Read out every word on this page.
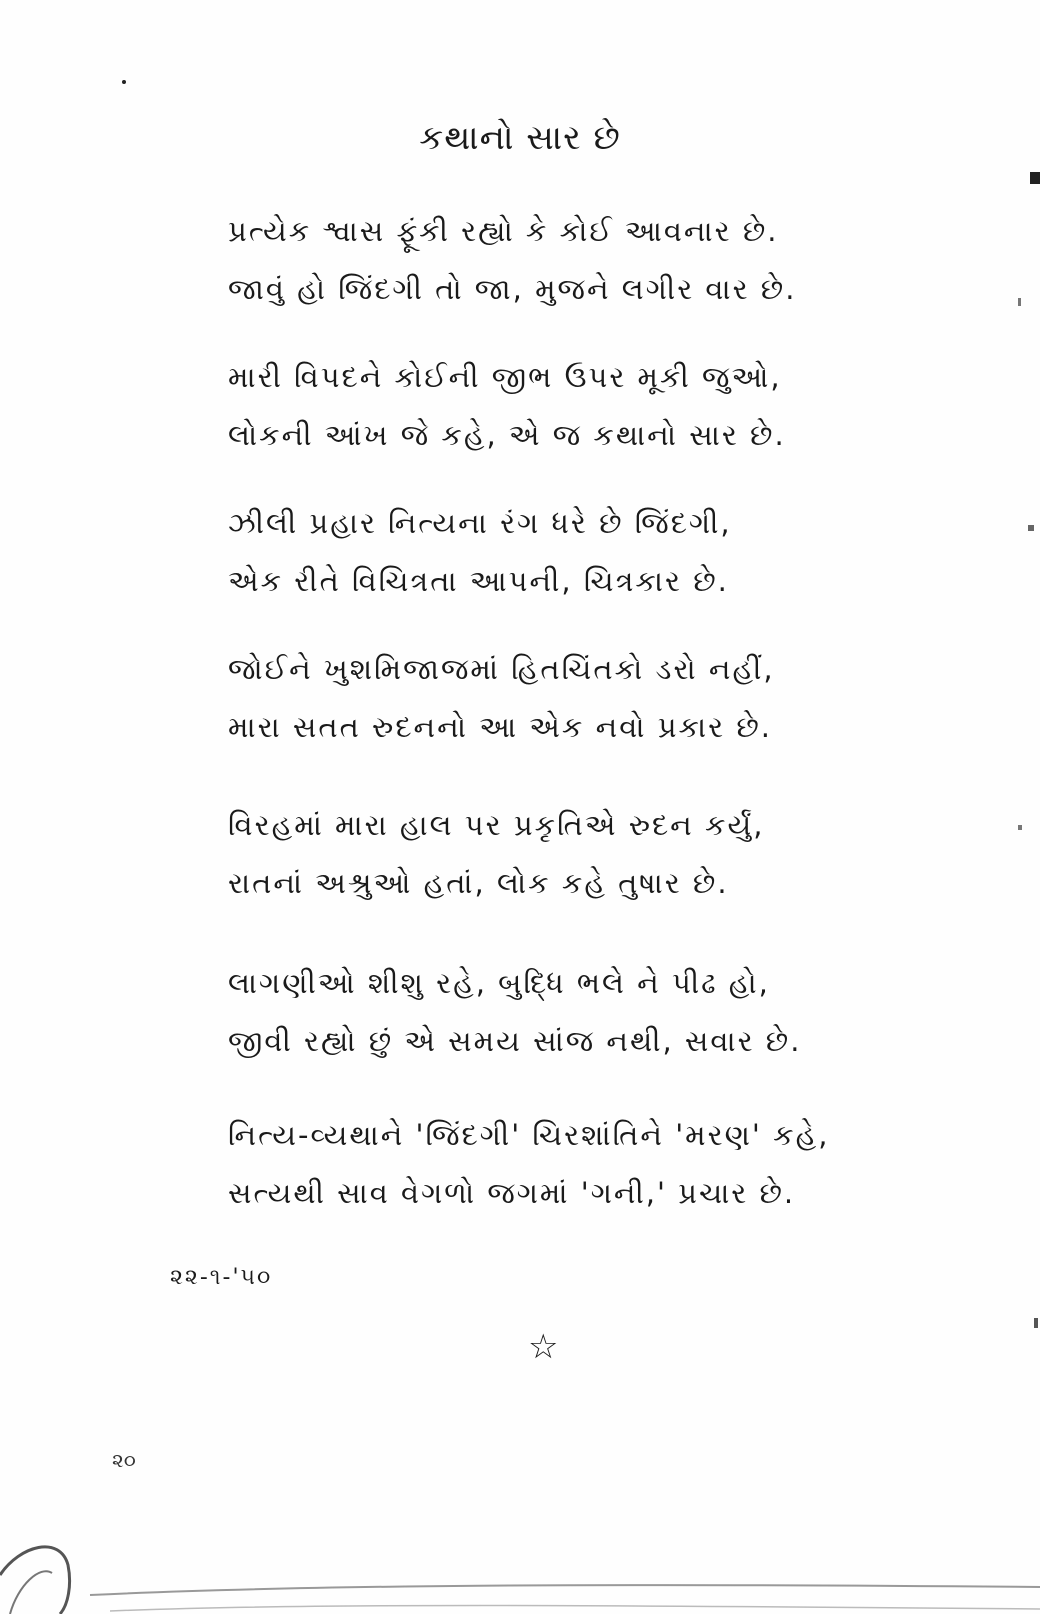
કથાનો સાર છે
પ્રત્યેક શ્વાસ ફૂંકી રહ્યો કે કોઈ આવનાર છે.
જાવું હો જિંદગી તો જા, મુજને લગીર વાર છે.
મારી વિપદને કોઈની જીભ ઉપર મૂકી જુઓ,
લોકની આંખ જે કહે, એ જ કથાનો સાર છે.
ઝીલી પ્રહાર નિત્યના રંગ ધરે છે જિંદગી,
એક રીતે વિચિત્રતા આપની, ચિત્રકાર છે.
જોઈને ખુશમિજાજમાં હિતચિંતકો ડરો નહીં,
મારા સતત રુદનનો આ એક નવો પ્રકાર છે.
વિરહમાં મારા હાલ પર પ્રકૃતિએ રુદન કર્યું,
રાતનાં અશ્રુઓ હતાં, લોક કહે તુષાર છે.
લાગણીઓ શીશુ રહે, બુદ્ધિ ભલે ને પીઢ હો,
જીવી રહ્યો છું એ સમય સાંજ નથી, સવાર છે.
નિત્ય-વ્યથાને 'જિંદગી' ચિરશાંતિને 'મરણ' કહે,
સત્યથી સાવ વેગળો જગમાં 'ગની,' પ્રચાર છે.
૨૨-૧-'૫૦
☆
૨૦
